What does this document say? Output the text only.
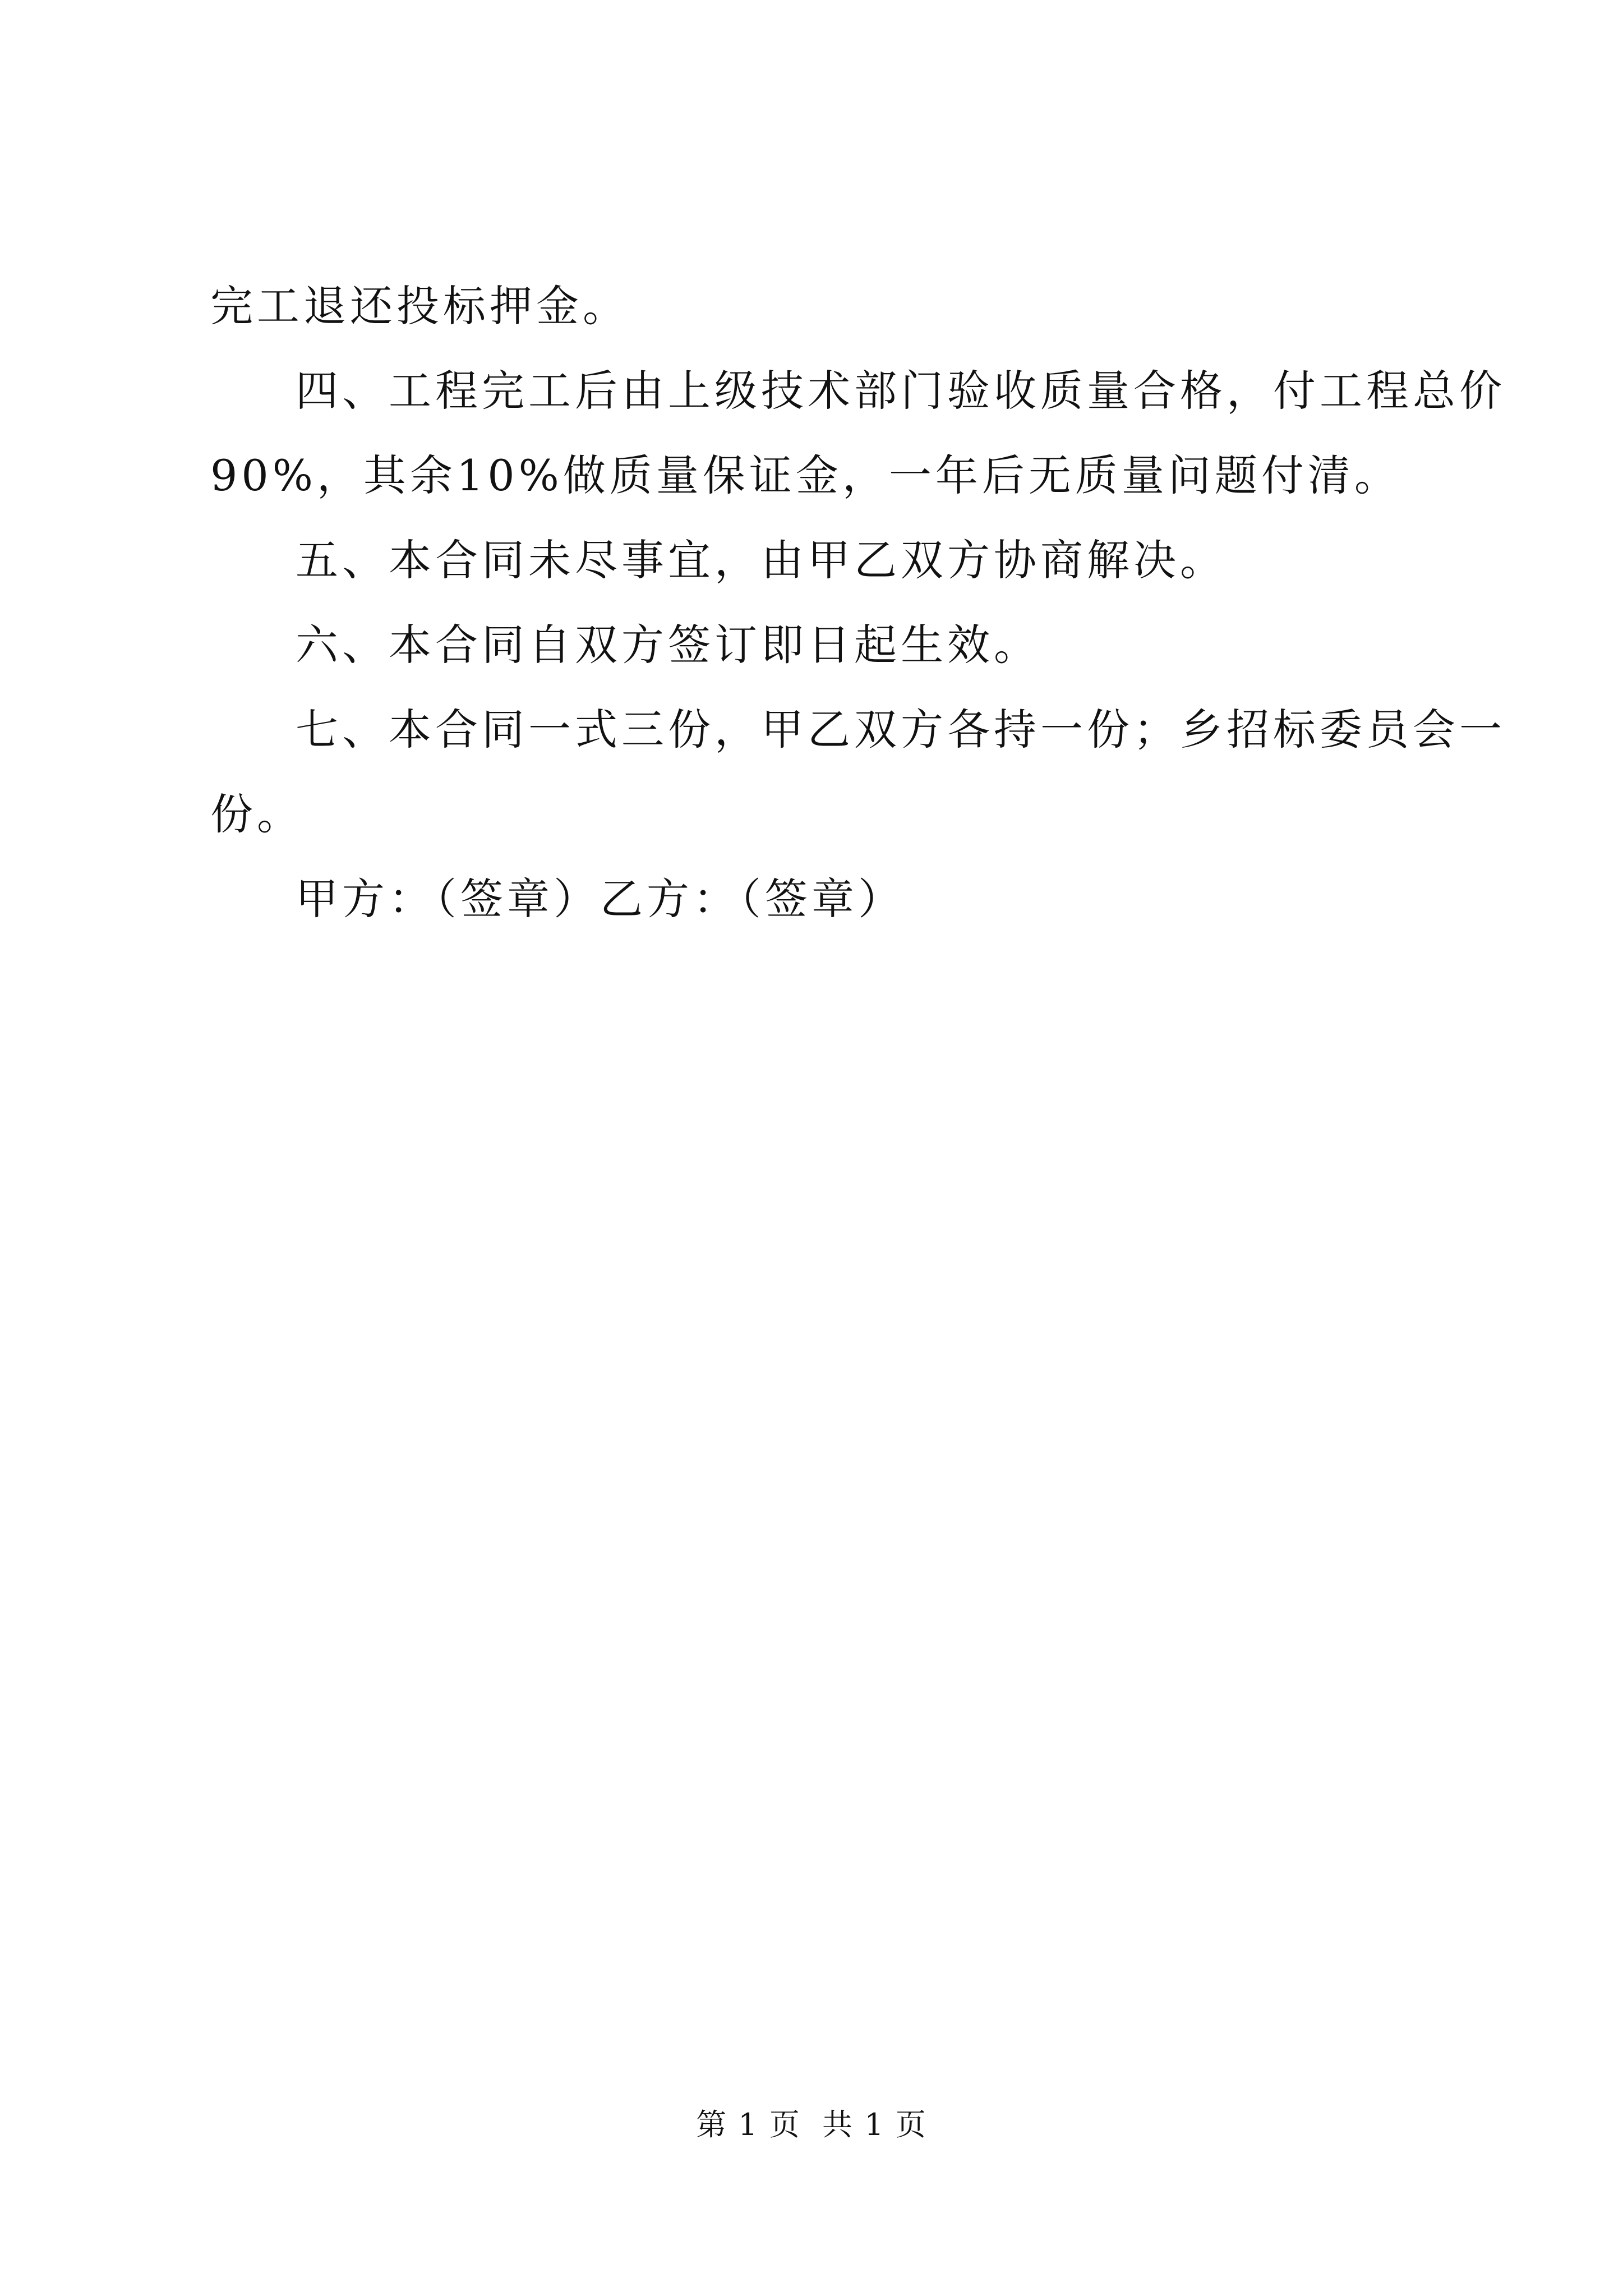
完工退还投标押金。
四、工程完工后由上级技术部门验收质量合格，付工程总价
90%，其余10%做质量保证金，一年后无质量问题付清。
五、本合同未尽事宜，由甲乙双方协商解决。
六、本合同自双方签订即日起生效。
七、本合同一式三份，甲乙双方各持一份；乡招标委员会一
份。
甲方：（签章）乙方：（签章）
第 1 页  共 1 页
